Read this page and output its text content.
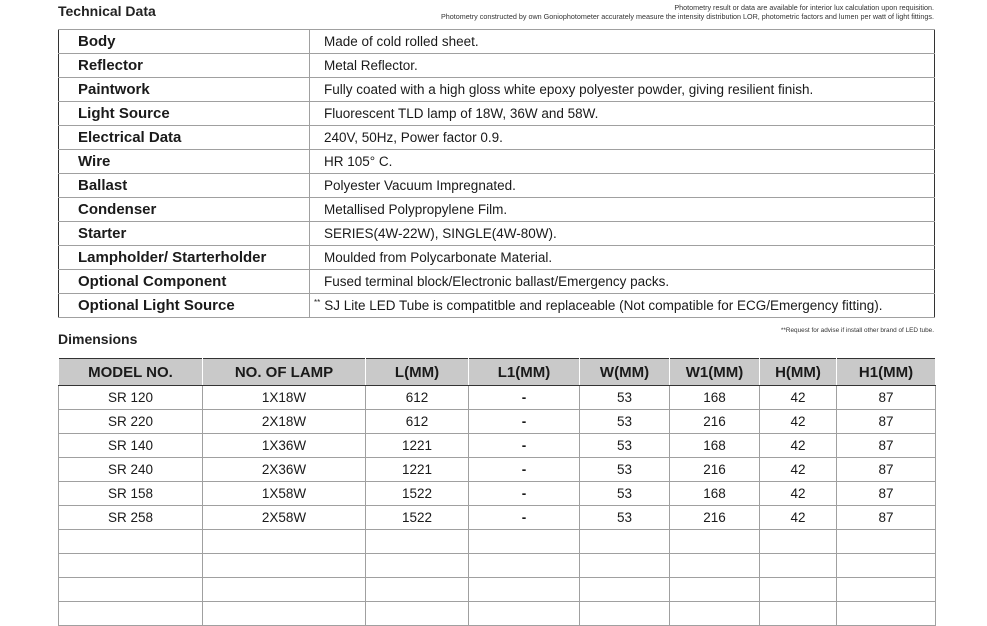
Technical Data	Photometry result or data are available for interior lux calculation upon requisition.
Photometry constructed by own Goniophotometer accurately measure the intensity distribution LOR, photometric factors and lumen per watt of light fittings.
Body	Made of cold rolled sheet.
Reflector	Metal Reflector.
Paintwork	Fully coated with a high gloss white epoxy polyester powder, giving resilient finish.
Light Source	Fluorescent TLD lamp of 18W, 36W and 58W.
Electrical Data	240V, 50Hz, Power factor 0.9.
Wire	HR 105° C.
Ballast	Polyester Vacuum Impregnated.
Condenser	Metallised Polypropylene Film.
Starter	SERIES(4W-22W), SINGLE(4W-80W).
Lampholder/ Starterholder	Moulded from Polycarbonate Material.
Optional Component	Fused terminal block/Electronic ballast/Emergency packs.
Optional Light Source	** SJ Lite LED Tube is compatitble and replaceable (Not compatible for ECG/Emergency fitting).
Dimensions
**Request for advise if install other brand of LED tube.
MODEL NO.	NO. OF LAMP	L(MM)	L1(MM)	W(MM)	W1(MM)	H(MM)	H1(MM)
SR 120	1X18W	612	-	53	168	42	87
SR 220	2X18W	612	-	53	216	42	87
SR 140	1X36W	1221	-	53	168	42	87
SR 240	2X36W	1221	-	53	216	42	87
SR 158	1X58W	1522	-	53	168	42	87
SR 258	2X58W	1522	-	53	216	42	87
